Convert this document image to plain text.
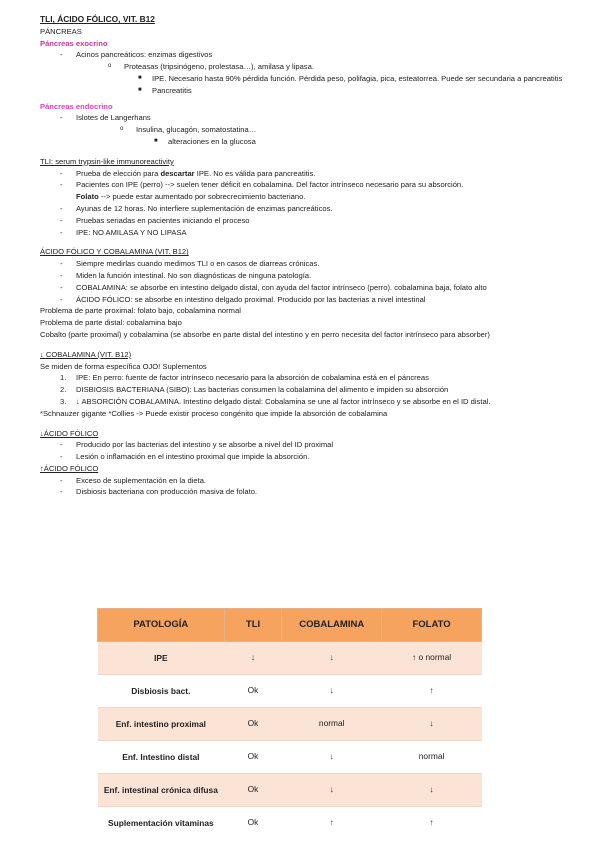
TLI, ÁCIDO FÓLICO, VIT. B12
PÁNCREAS
Páncreas exocrino
- Acinos pancreáticos: enzimas digestivos
o Proteasas (tripsinógeno, prolestasa…), amilasa y lipasa.
■ IPE. Necesario hasta 90% pérdida función. Pérdida peso, polifagia, pica, esteatorrea. Puede ser secundaria a pancreatitis
■ Pancreatitis
Páncreas endocrino
- Islotes de Langerhans
o Insulina, glucagón, somatostatina…
■ alteraciones en la glucosa
TLI: serum trypsin-like immunoreactivity
- Prueba de elección para descartar IPE. No es válida para pancreatitis.
- Pacientes con IPE (perro) --> suelen tener déficit en cobalamina. Del factor intrínseco necesario para su absorción.
Folato --> puede estar aumentado por sobrecrecimiento bacteriano.
- Ayunas de 12 horas. No interfiere suplementación de enzimas pancreáticos.
- Pruebas seriadas en pacientes iniciando el proceso
- IPE: NO AMILASA Y NO LIPASA
ÁCIDO FÓLICO Y COBALAMINA (VIT. B12)
- Siempre medirlas cuando medimos TLI o en casos de diarreas crónicas.
- Miden la función intestinal. No son diagnósticas de ninguna patología.
- COBALAMINA: se absorbe en intestino delgado distal, con ayuda del factor intrínseco (perro). cobalamina baja, folato alto
- ÁCIDO FÓLICO: se absorbe en intestino delgado proximal. Producido por las bacterias a nivel intestinal
Problema de parte proximal: folato bajo, cobalamina normal
Problema de parte distal: cobalamina bajo
Cobalto (parte proximal) y cobalamina (se absorbe en parte distal del intestino y en perro necesita del factor intrínseco para absorber)
↓ COBALAMINA (VIT. B12)
Se miden de forma específica OJO! Suplementos
1. IPE: En perro: fuente de factor intrínseco necesario para la absorción de cobalamina está en el páncreas
2. DISBIOSIS BACTERIANA (SIBO): Las bacterias consumen la cobalamina del alimento e impiden su absorción
3. ↓ ABSORCIÓN COBALAMINA. Intestino delgado distal: Cobalamina se une al factor intrínseco y se absorbe en el ID distal.
*Schnauzer gigante *Collies -> Puede existir proceso congénito que impide la absorción de cobalamina
↓ÁCIDO FÓLICO
- Producido por las bacterias del intestino y se absorbe a nivel del ID proximal
- Lesión o inflamación en el intestino proximal que impide la absorción.
↑ÁCIDO FÓLICO
- Exceso de suplementación en la dieta.
- Disbiosis bacteriana con producción masiva de folato.
PATOLOGÍA	TLI	COBALAMINA	FOLATO
IPE	↓	↓	↑ o normal
Disbiosis bact.	Ok	↓	↑
Enf. intestino proximal	Ok	normal	↓
Enf. Intestino distal	Ok	↓	normal
Enf. intestinal crónica difusa	Ok	↓	↓
Suplementación vitaminas	Ok	↑	↑
